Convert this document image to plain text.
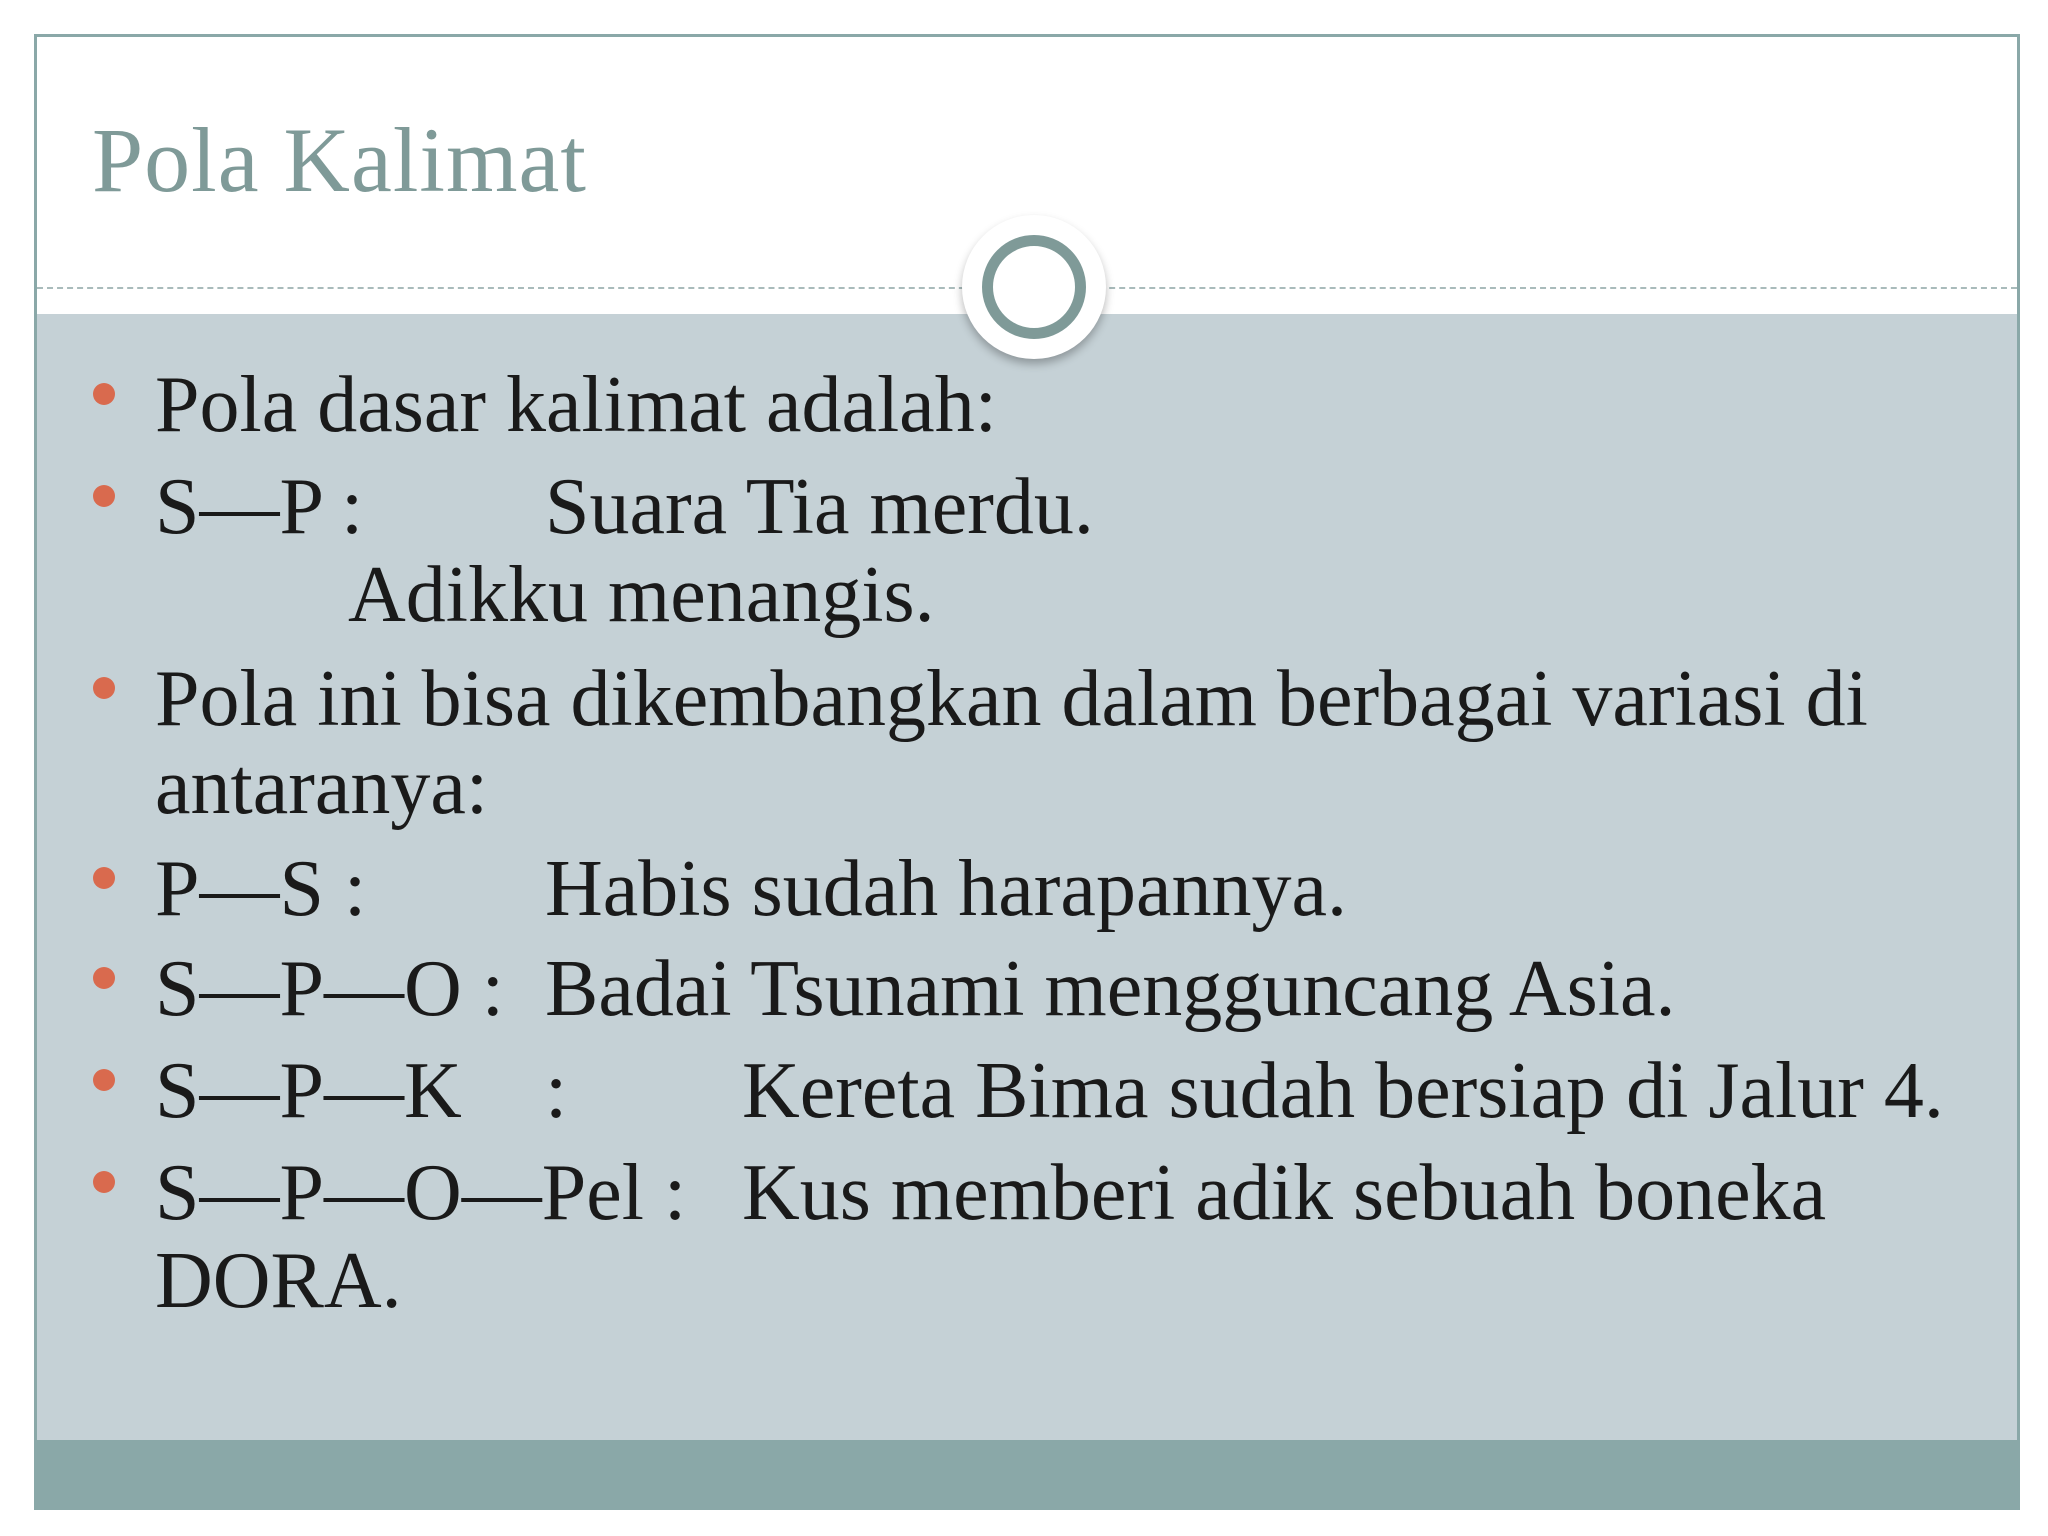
Pola Kalimat
Pola dasar kalimat adalah:
S—P : Suara Tia merdu.
Adikku menangis.
Pola ini bisa dikembangkan dalam berbagai variasi di
antaranya:
P—S : Habis sudah harapannya.
S—P—O : Badai Tsunami mengguncang Asia.
S—P—K : Kereta Bima sudah bersiap di Jalur 4.
S—P—O—Pel : Kus memberi adik sebuah boneka
DORA.
